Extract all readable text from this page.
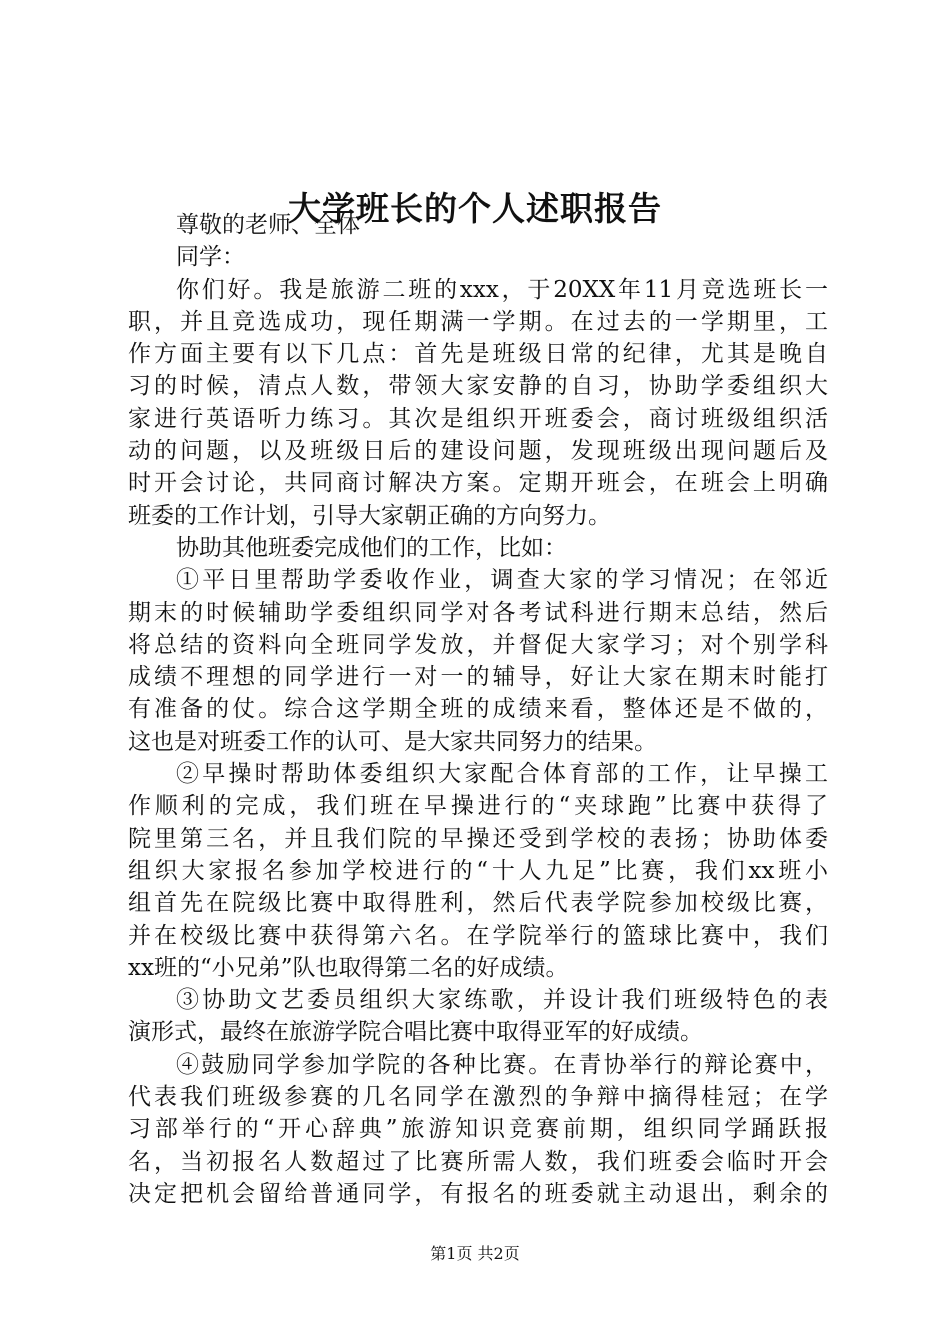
大学班长的个人述职报告
尊敬的老师、全体
同学：
你们好。我是旅游二班的xxx，于20XX年11月竞选班长一
职，并且竞选成功，现任期满一学期。在过去的一学期里，工
作方面主要有以下几点：首先是班级日常的纪律，尤其是晚自
习的时候，清点人数，带领大家安静的自习，协助学委组织大
家进行英语听力练习。其次是组织开班委会，商讨班级组织活
动的问题，以及班级日后的建设问题，发现班级出现问题后及
时开会讨论，共同商讨解决方案。定期开班会，在班会上明确
班委的工作计划，引导大家朝正确的方向努力。
协助其他班委完成他们的工作，比如：
①平日里帮助学委收作业，调查大家的学习情况；在邻近
期末的时候辅助学委组织同学对各考试科进行期末总结，然后
将总结的资料向全班同学发放，并督促大家学习；对个别学科
成绩不理想的同学进行一对一的辅导，好让大家在期末时能打
有准备的仗。综合这学期全班的成绩来看，整体还是不做的，
这也是对班委工作的认可、是大家共同努力的结果。
②早操时帮助体委组织大家配合体育部的工作，让早操工
作顺利的完成，我们班在早操进行的“夹球跑”比赛中获得了
院里第三名，并且我们院的早操还受到学校的表扬；协助体委
组织大家报名参加学校进行的“十人九足”比赛，我们xx班小
组首先在院级比赛中取得胜利，然后代表学院参加校级比赛，
并在校级比赛中获得第六名。在学院举行的篮球比赛中，我们
xx班的“小兄弟”队也取得第二名的好成绩。
③协助文艺委员组织大家练歌，并设计我们班级特色的表
演形式，最终在旅游学院合唱比赛中取得亚军的好成绩。
④鼓励同学参加学院的各种比赛。在青协举行的辩论赛中，
代表我们班级参赛的几名同学在激烈的争辩中摘得桂冠；在学
习部举行的“开心辞典”旅游知识竞赛前期，组织同学踊跃报
名，当初报名人数超过了比赛所需人数，我们班委会临时开会
决定把机会留给普通同学，有报名的班委就主动退出，剩余的
第1页 共2页
